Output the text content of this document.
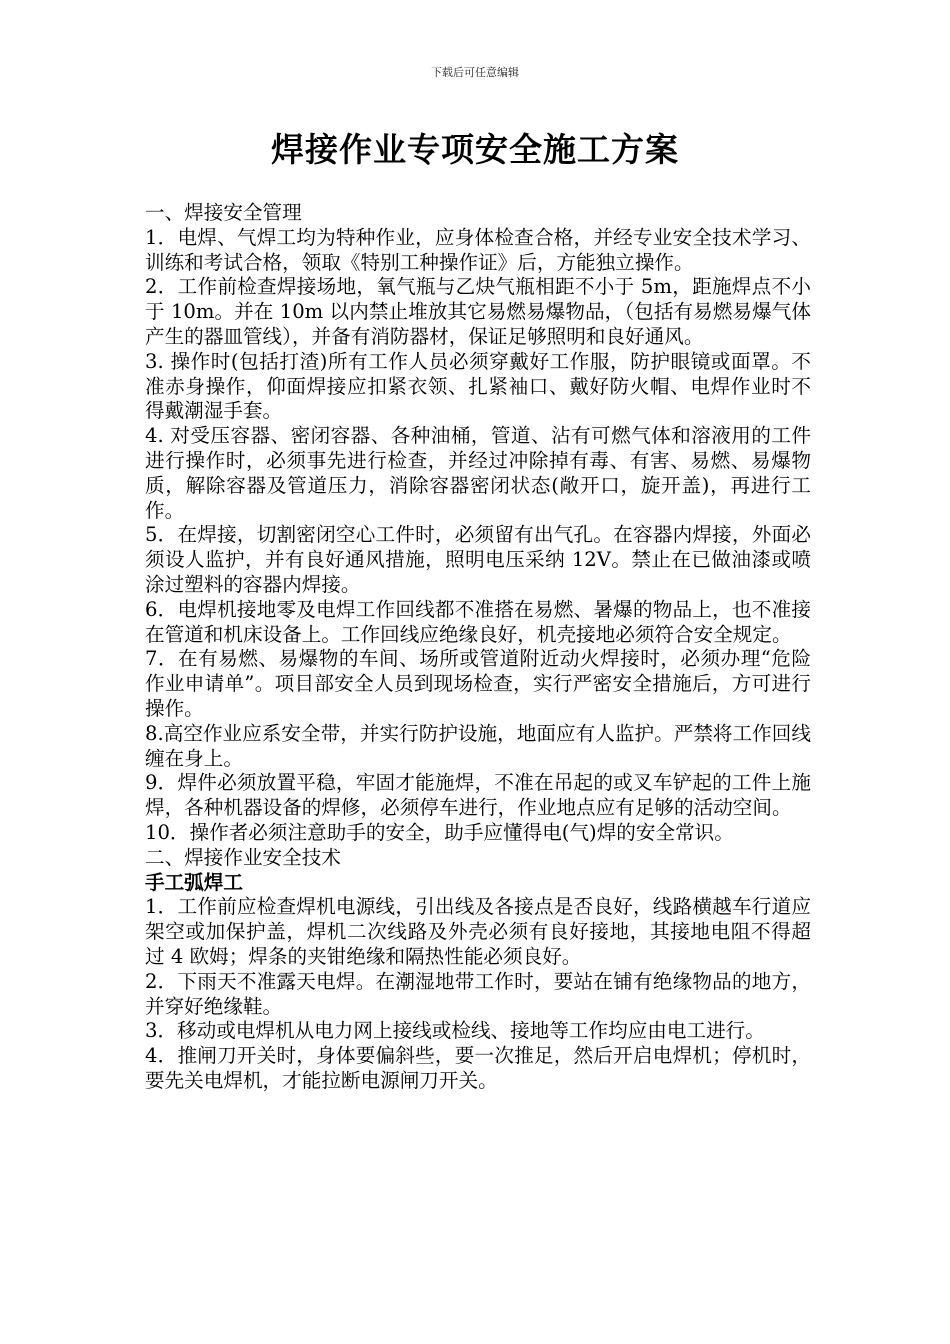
下载后可任意编辑
焊接作业专项安全施工方案

一、焊接安全管理

1．电焊、气焊工均为特种作业，应身体检查合格，并经专业安全技术学习、训练和考试合格，领取《特别工种操作证》后，方能独立操作。

2．工作前检查焊接场地，氧气瓶与乙炔气瓶相距不小于 5m，距施焊点不小于 10m。并在 10m 以内禁止堆放其它易燃易爆物品，（包括有易燃易爆气体产生的器皿管线），并备有消防器材，保证足够照明和良好通风。

3. 操作时(包括打渣)所有工作人员必须穿戴好工作服，防护眼镜或面罩。不准赤身操作，仰面焊接应扣紧衣领、扎紧袖口、戴好防火帽、电焊作业时不得戴潮湿手套。

4. 对受压容器、密闭容器、各种油桶，管道、沾有可燃气体和溶液用的工件进行操作时，必须事先进行检查，并经过冲除掉有毒、有害、易燃、易爆物质，解除容器及管道压力，消除容器密闭状态(敞开口，旋开盖)，再进行工作。

5．在焊接，切割密闭空心工件时，必须留有出气孔。在容器内焊接，外面必须设人监护，并有良好通风措施，照明电压采纳 12V。禁止在已做油漆或喷涂过塑料的容器内焊接。

6．电焊机接地零及电焊工作回线都不准搭在易燃、暑爆的物品上，也不准接在管道和机床设备上。工作回线应绝缘良好，机壳接地必须符合安全规定。

7．在有易燃、易爆物的车间、场所或管道附近动火焊接时，必须办理“危险作业申请单”。项目部安全人员到现场检查，实行严密安全措施后，方可进行操作。

8.高空作业应系安全带，并实行防护设施，地面应有人监护。严禁将工作回线缠在身上。

9．焊件必须放置平稳，牢固才能施焊，不准在吊起的或叉车铲起的工件上施焊，各种机器设备的焊修，必须停车进行，作业地点应有足够的活动空间。

10．操作者必须注意助手的安全，助手应懂得电(气)焊的安全常识。

二、焊接作业安全技术

手工弧焊工

1．工作前应检查焊机电源线，引出线及各接点是否良好，线路横越车行道应架空或加保护盖，焊机二次线路及外壳必须有良好接地，其接地电阻不得超过 4 欧姆；焊条的夹钳绝缘和隔热性能必须良好。

2．下雨天不准露天电焊。在潮湿地带工作时，要站在铺有绝缘物品的地方，并穿好绝缘鞋。

3．移动或电焊机从电力网上接线或检线、接地等工作均应由电工进行。

4．推闸刀开关时，身体要偏斜些，要一次推足，然后开启电焊机；停机时，要先关电焊机，才能拉断电源闸刀开关。
